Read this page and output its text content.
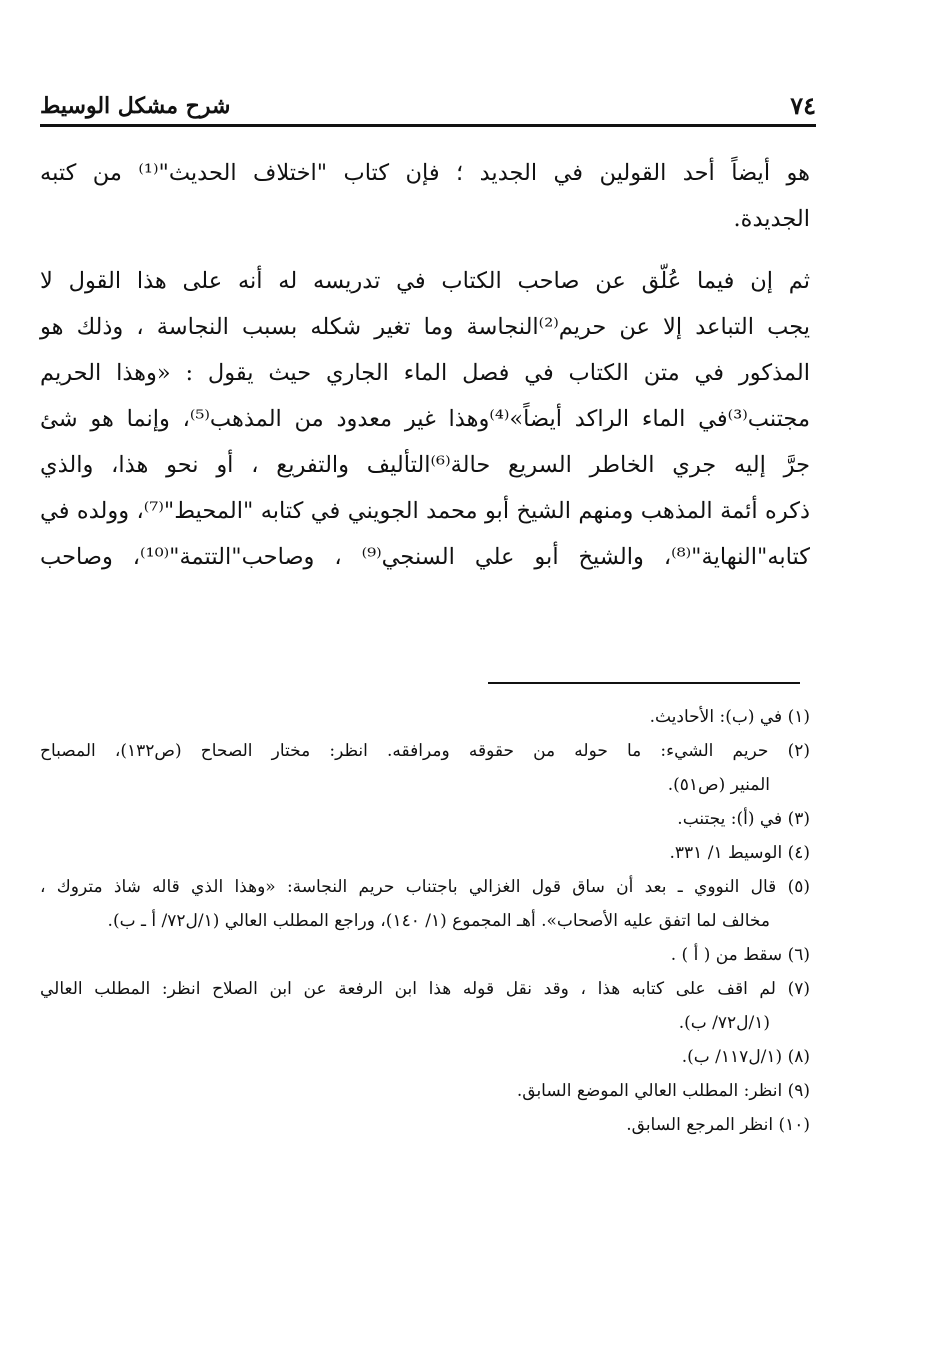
٧٤
شرح مشكل الوسيط
هو أيضاً أحد القولين في الجديد ؛ فإن كتاب "اختلاف الحديث"⁽¹⁾ من كتبه
الجديدة.
ثم إن فيما عُلّق عن صاحب الكتاب في تدريسه له أنه على هذا القول لا
يجب التباعد إلا عن حريم⁽²⁾النجاسة وما تغير شكله بسبب النجاسة ، وذلك هو
المذكور في متن الكتاب في فصل الماء الجاري حيث يقول : «وهذا الحريم
مجتنب⁽³⁾في الماء الراكد أيضاً»⁽⁴⁾وهذا غير معدود من المذهب⁽⁵⁾، وإنما هو شئ
جرَّ إليه جري الخاطر السريع حالة⁽⁶⁾التأليف والتفريع ، أو نحو هذا، والذي
ذكره أئمة المذهب ومنهم الشيخ أبو محمد الجويني في كتابه "المحيط"⁽⁷⁾، وولده في
كتابه"النهاية"⁽⁸⁾، والشيخ أبو علي السنجي⁽⁹⁾ ، وصاحب"التتمة"⁽¹⁰⁾، وصاحب
(١) في (ب): الأحاديث.
(٢) حريم الشيء: ما حوله من حقوقه ومرافقه. انظر: مختار الصحاح (ص١٣٢)، المصباح
المنير (ص٥١).
(٣) في (أ): يجتنب.
(٤) الوسيط ١/ ٣٣١.
(٥) قال النووي ـ بعد أن ساق قول الغزالي باجتناب حريم النجاسة: «وهذا الذي قاله شاذ متروك ،
مخالف لما اتفق عليه الأصحاب». أهـ المجموع (١/ ١٤٠)، وراجع المطلب العالي (١/ل٧٢/ أ ـ ب).
(٦) سقط من ( أ ) .
(٧) لم اقف على كتابه هذا ، وقد نقل قوله هذا ابن الرفعة عن ابن الصلاح انظر: المطلب العالي
(١/ل٧٢/ ب).
(٨) (١/ل١١٧/ ب).
(٩) انظر: المطلب العالي الموضع السابق.
(١٠) انظر المرجع السابق.
